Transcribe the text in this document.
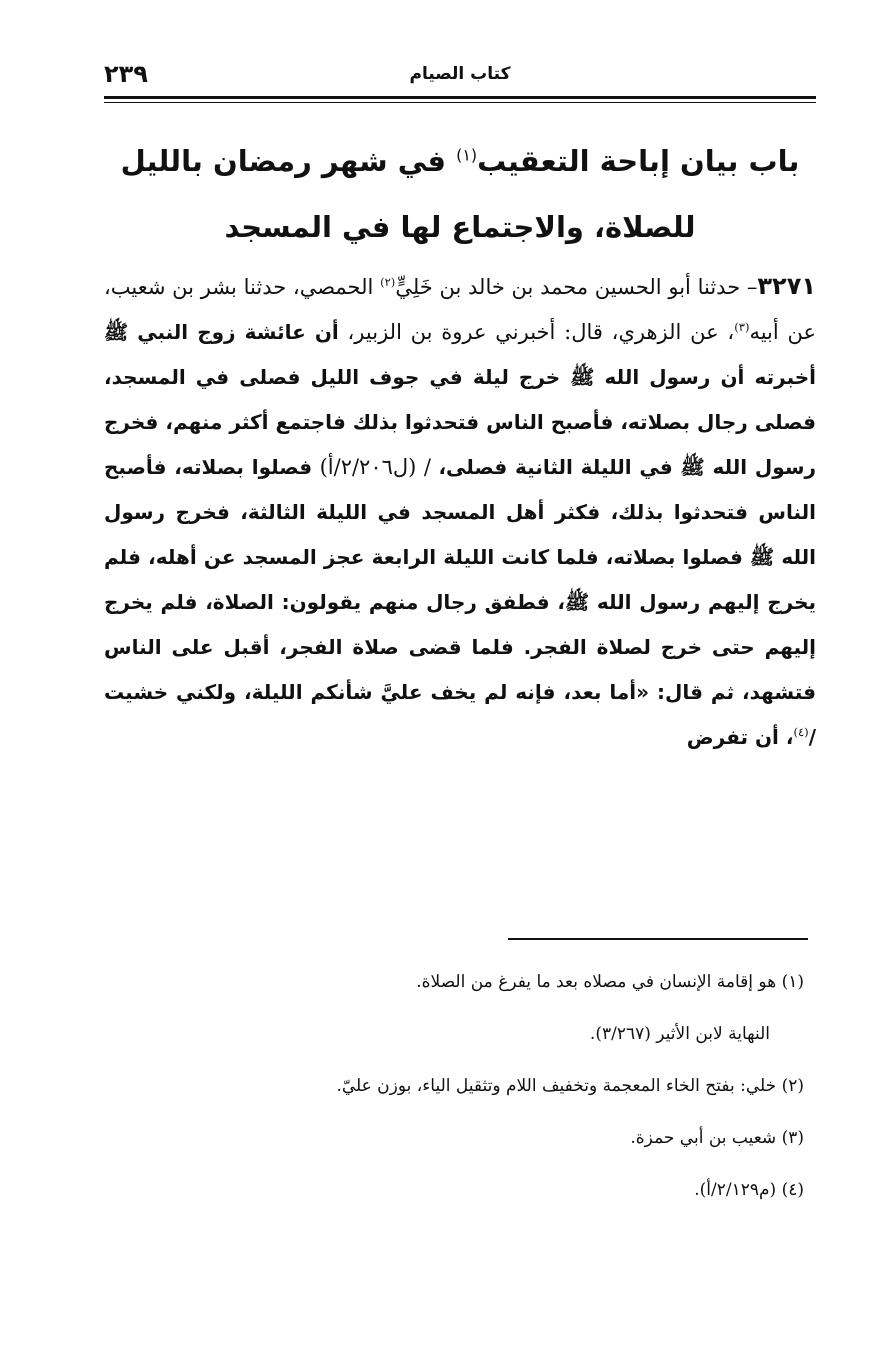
كتاب الصيام
٢٣٩
باب بيان إباحة التعقيب$^{(١)}$ في شهر رمضان بالليل للصلاة، والاجتماع لها في المسجد
٣٢٧١– حدثنا أبو الحسين محمد بن خالد بن خَلِيٍّ$^{(٢)}$ الحمصي، حدثنا بشر بن شعيب، عن أبيه$^{(٣)}$، عن الزهري، قال: أخبرني عروة بن الزبير، أن عائشة زوج النبي ﷺ أخبرته أن رسول الله ﷺ خرج ليلة في جوف الليل فصلى في المسجد، فصلى رجال بصلاته، فأصبح الناس فتحدثوا بذلك فاجتمع أكثر منهم، فخرج رسول الله ﷺ في الليلة الثانية فصلى، / (ل٢/٢٠٦/أ) فصلوا بصلاته، فأصبح الناس فتحدثوا بذلك، فكثر أهل المسجد في الليلة الثالثة، فخرج رسول الله ﷺ فصلوا بصلاته، فلما كانت الليلة الرابعة عجز المسجد عن أهله، فلم يخرج إليهم رسول الله ﷺ، فطفق رجال منهم يقولون: الصلاة، فلم يخرج إليهم حتى خرج لصلاة الفجر. فلما قضى صلاة الفجر، أقبل على الناس فتشهد، ثم قال: «أما بعد، فإنه لم يخف عليَّ شأنكم الليلة، ولكني خشيت /$^{(٤)}$، أن تفرض
(١) هو إقامة الإنسان في مصلاه بعد ما يفرغ من الصلاة.
النهاية لابن الأثير (٣/٢٦٧).
(٢) خلي: بفتح الخاء المعجمة وتخفيف اللام وتثقيل الياء، بوزن عليّ.
(٣) شعيب بن أبي حمزة.
(٤) (م٢/١٢٩/أ).
